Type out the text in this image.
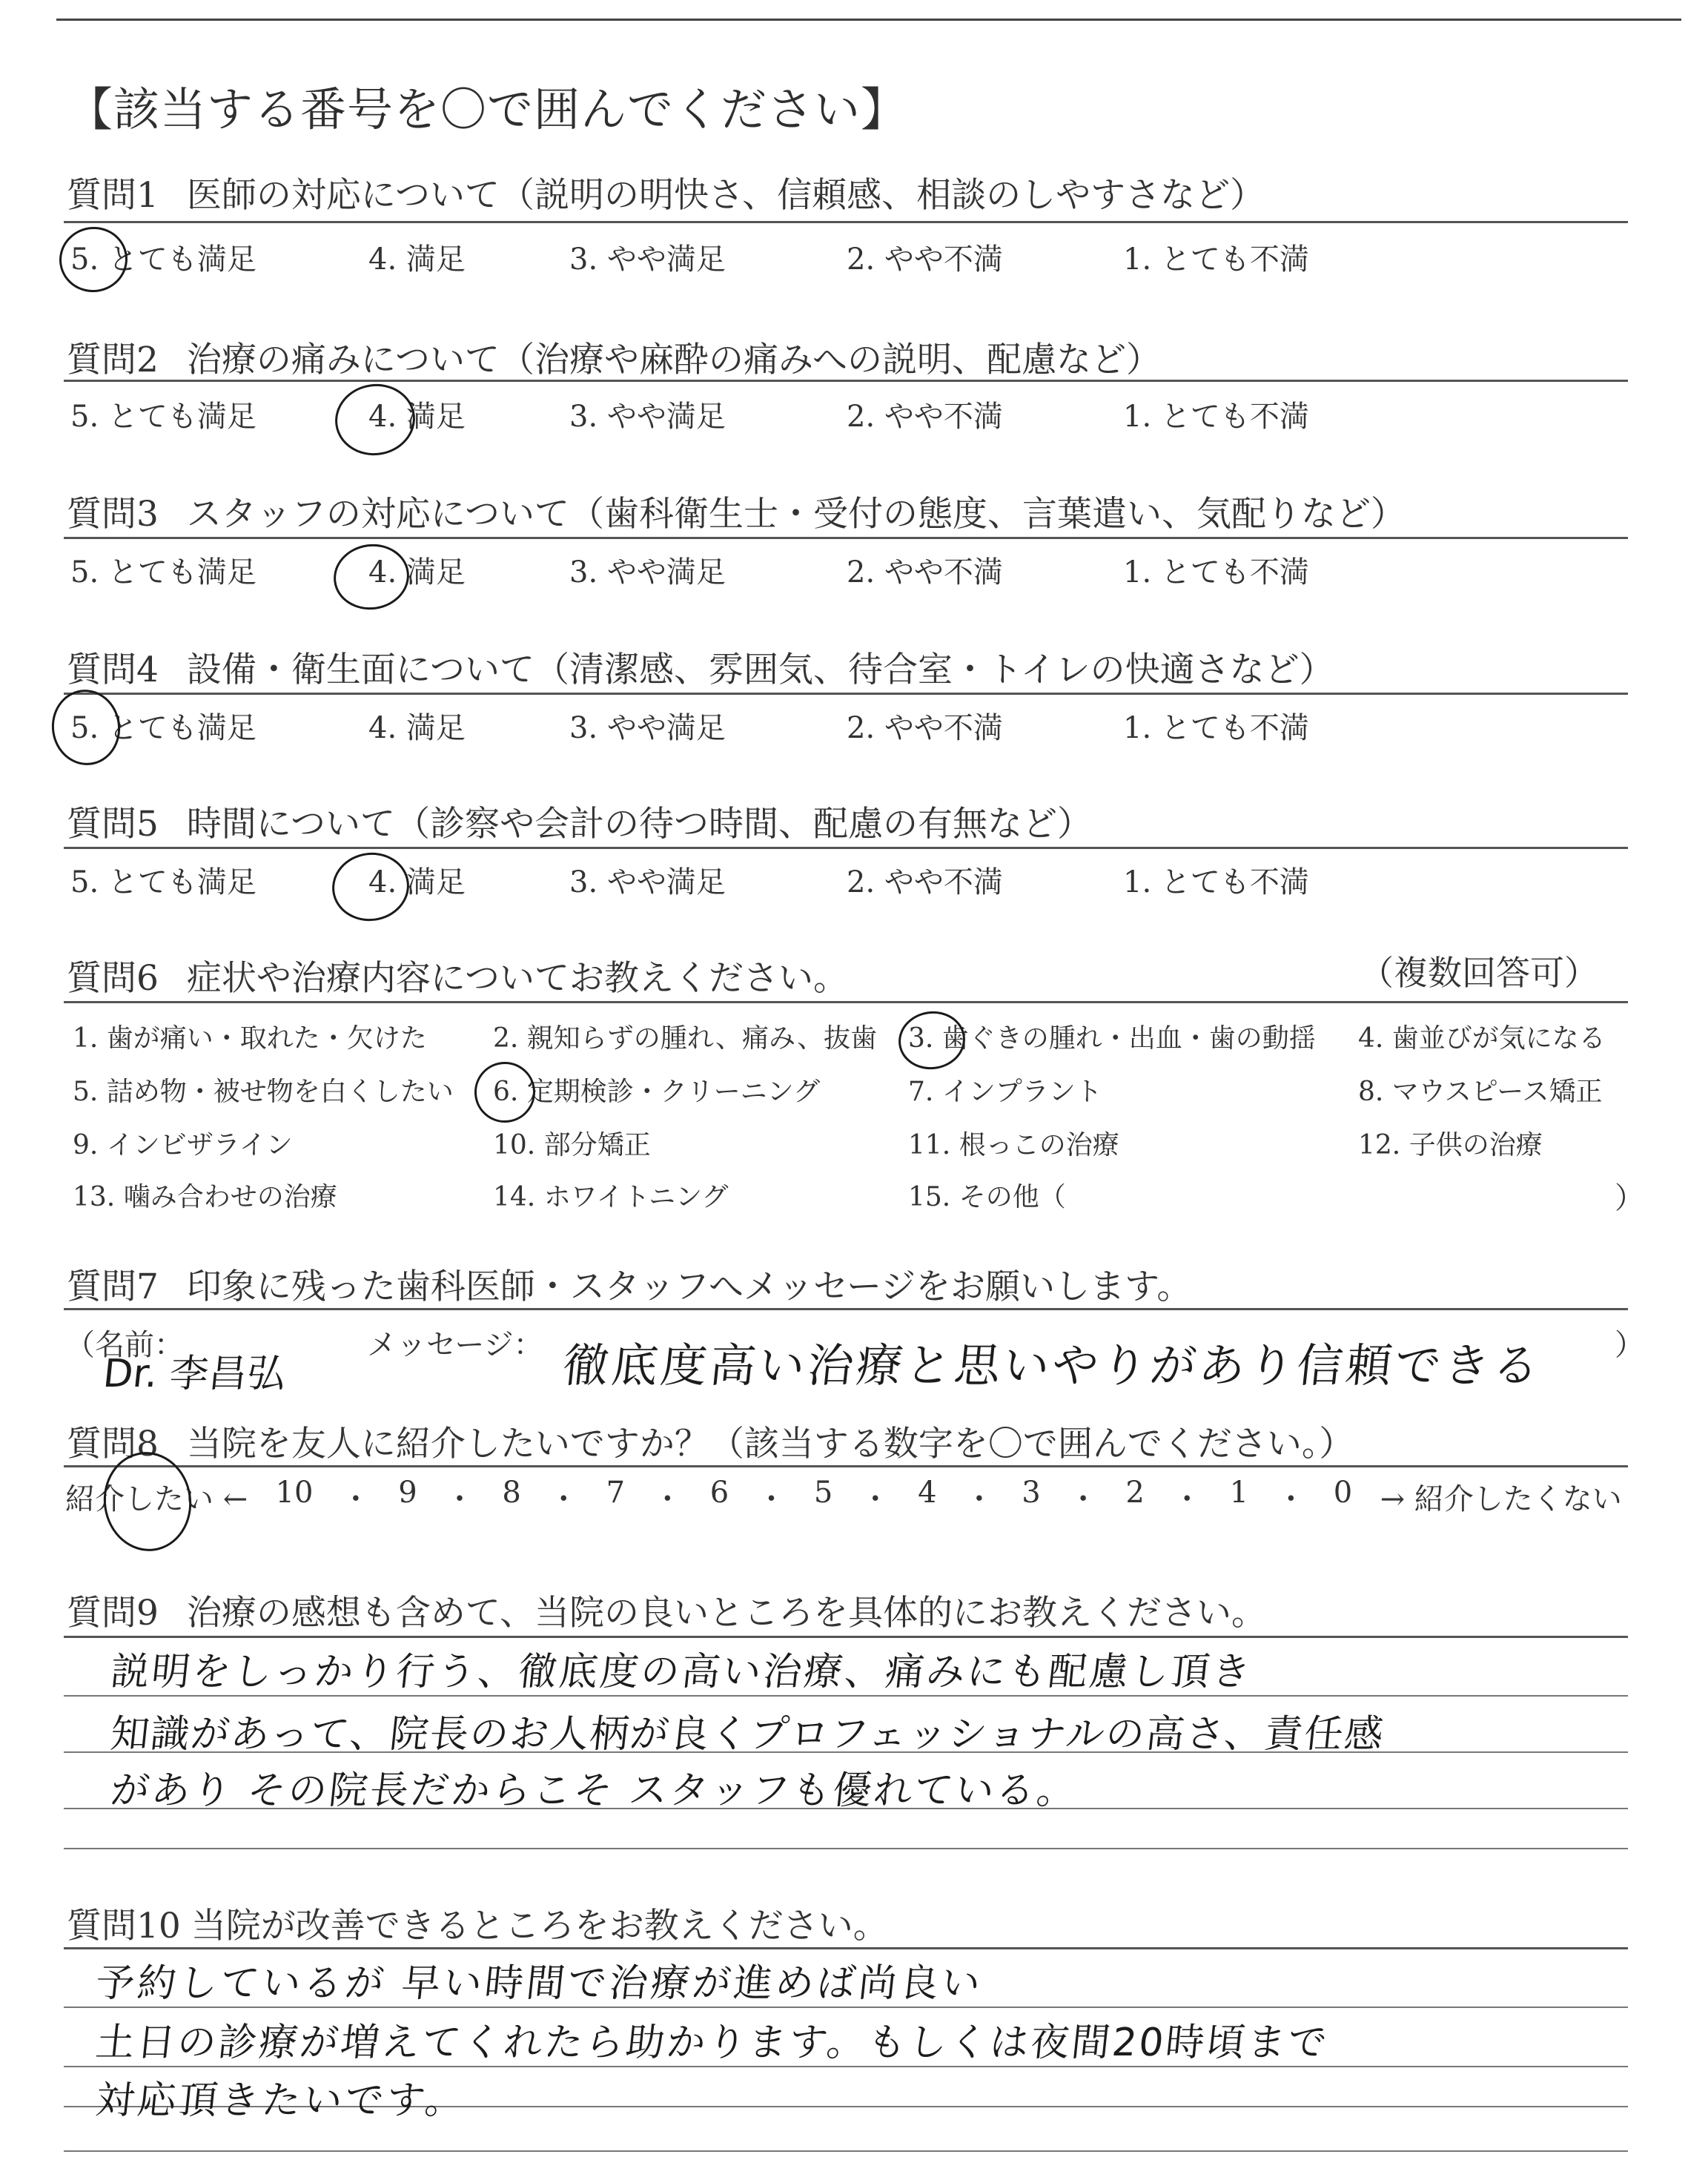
【該当する番号を〇で囲んでください】
質問1 医師の対応について（説明の明快さ、信頼感、相談のしやすさなど）
5. とても満足	4. 満足	3. やや満足	2. やや不満	1. とても不満
質問2 治療の痛みについて（治療や麻酔の痛みへの説明、配慮など）
5. とても満足	4. 満足	3. やや満足	2. やや不満	1. とても不満
質問3 スタッフの対応について（歯科衛生士・受付の態度、言葉遣い、気配りなど）
5. とても満足	4. 満足	3. やや満足	2. やや不満	1. とても不満
質問4 設備・衛生面について（清潔感、雰囲気、待合室・トイレの快適さなど）
5. とても満足	4. 満足	3. やや満足	2. やや不満	1. とても不満
質問5 時間について（診察や会計の待つ時間、配慮の有無など）
5. とても満足	4. 満足	3. やや満足	2. やや不満	1. とても不満
質問6 症状や治療内容についてお教えください。	（複数回答可）
1. 歯が痛い・取れた・欠けた 2. 親知らずの腫れ、痛み、抜歯 3. 歯ぐきの腫れ・出血・歯の動揺 4. 歯並びが気になる
5. 詰め物・被せ物を白くしたい 6. 定期検診・クリーニング	7. インプラント	8. マウスピース矯正
9. インビザライン	10. 部分矯正	11. 根っこの治療	12. 子供の治療
13. 噛み合わせの治療	14. ホワイトニング	15. その他（	）
質問7 印象に残った歯科医師・スタッフへメッセージをお願いします。
（名前：	メッセージ：	）
Dr. 李昌弘	徹底度高い治療と思いやりがあり信頼できる
質問8 当院を友人に紹介したいですか？（該当する数字を〇で囲んでください。）
紹介したい ← 10 ・ 9 ・ 8 ・ 7 ・ 6 ・ 5 ・ 4 ・ 3 ・ 2 ・ 1 ・ 0 → 紹介したくない
質問9 治療の感想も含めて、当院の良いところを具体的にお教えください。
説明をしっかり行う、徹底度の高い治療、痛みにも配慮し頂き
知識があって、院長のお人柄が良くプロフェッショナルの高さ、責任感
があり その院長だからこそ スタッフも優れている。
質問10 当院が改善できるところをお教えください。
予約しているが 早い時間で治療が進めば尚良い
土日の診療が増えてくれたら助かります。もしくは夜間20時頃まで
対応頂きたいです。
